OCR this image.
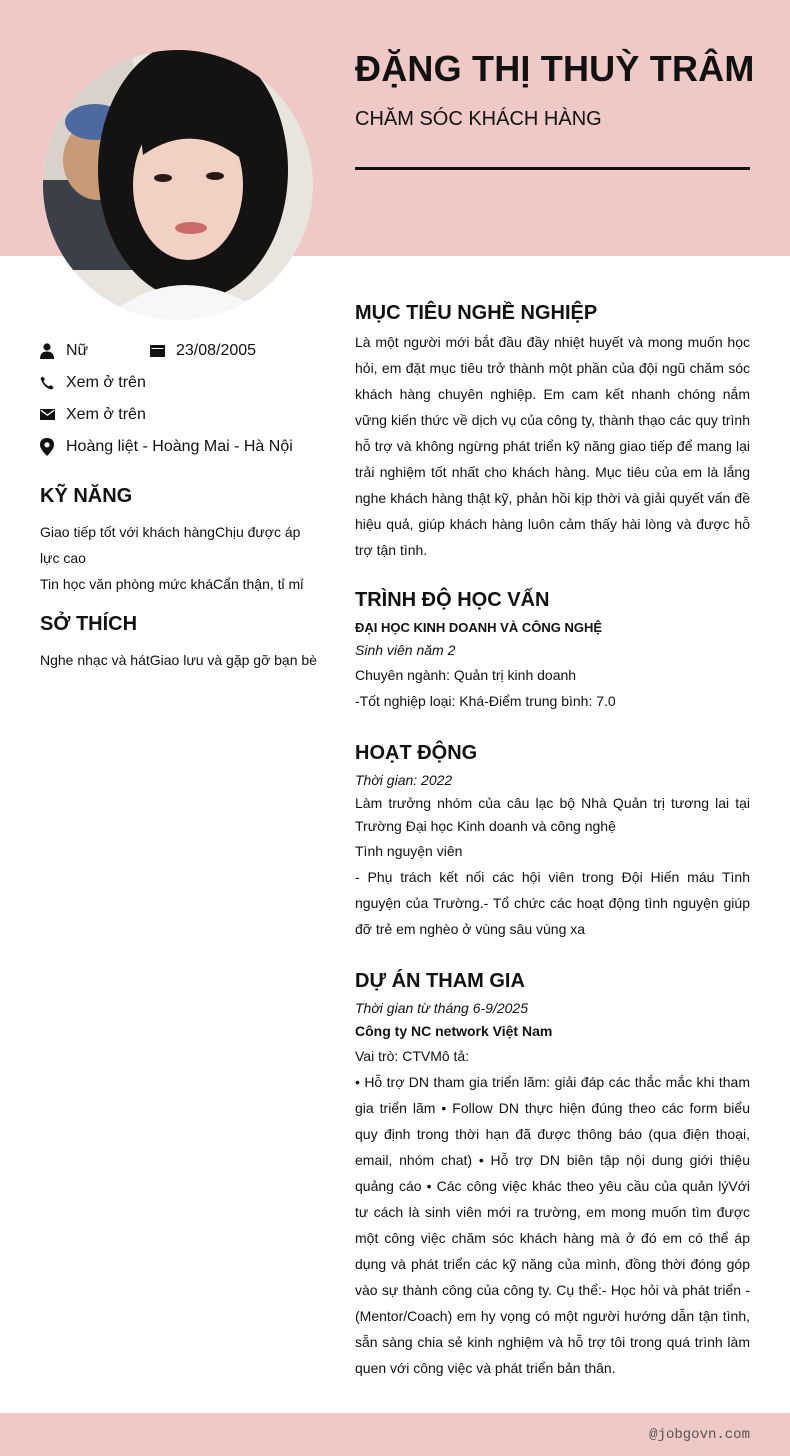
ĐẶNG THỊ THUỲ TRÂM
CHĂM SÓC KHÁCH HÀNG
Nữ	23/08/2005
Xem ở trên
Xem ở trên
Hoàng liệt - Hoàng Mai - Hà Nội
KỸ NĂNG
Giao tiếp tốt với khách hàngChịu được áp lực cao
Tin học văn phòng mức kháCẩn thận, tỉ mỉ
SỞ THÍCH
Nghe nhạc và hátGiao lưu và gặp gỡ bạn bè
MỤC TIÊU NGHỀ NGHIỆP
Là một người mới bắt đầu đầy nhiệt huyết và mong muốn học hỏi, em đặt mục tiêu trở thành một phần của đội ngũ chăm sóc khách hàng chuyên nghiệp. Em cam kết nhanh chóng nắm vững kiến thức về dịch vụ của công ty, thành thạo các quy trình hỗ trợ và không ngừng phát triển kỹ năng giao tiếp để mang lại trải nghiệm tốt nhất cho khách hàng. Mục tiêu của em là lắng nghe khách hàng thật kỹ, phản hồi kịp thời và giải quyết vấn đề hiệu quả, giúp khách hàng luôn cảm thấy hài lòng và được hỗ trợ tận tình.
TRÌNH ĐỘ HỌC VẤN
ĐẠI HỌC KINH DOANH VÀ CÔNG NGHỆ
Sinh viên năm 2
Chuyên ngành: Quản trị kinh doanh
-Tốt nghiệp loại: Khá-Điểm trung bình: 7.0
HOẠT ĐỘNG
Thời gian: 2022
Làm trưởng nhóm của câu lạc bộ Nhà Quản trị tương lai tại Trường Đại học Kinh doanh và công nghệ
Tình nguyện viên
- Phụ trách kết nối các hội viên trong Đội Hiến máu Tình nguyện của Trường.- Tổ chức các hoạt động tình nguyện giúp đỡ trẻ em nghèo ở vùng sâu vùng xa
DỰ ÁN THAM GIA
Thời gian từ tháng 6-9/2025
Công ty NC network Việt Nam
Vai trò: CTVMô tả:
• Hỗ trợ DN tham gia triển lãm: giải đáp các thắc mắc khi tham gia triển lãm • Follow DN thực hiện đúng theo các form biểu quy định trong thời hạn đã được thông báo (qua điện thoại, email, nhóm chat) • Hỗ trợ DN biên tập nội dung giới thiệu quảng cáo • Các công việc khác theo yêu cầu của quản lýVới tư cách là sinh viên mới ra trường, em mong muốn tìm được một công việc chăm sóc khách hàng mà ở đó em có thể áp dụng và phát triển các kỹ năng của mình, đồng thời đóng góp vào sự thành công của công ty. Cụ thể:- Học hỏi và phát triển - (Mentor/Coach) em hy vọng có một người hướng dẫn tận tình, sẵn sàng chia sẻ kinh nghiệm và hỗ trợ tôi trong quá trình làm quen với công việc và phát triển bản thân.
@jobgovn.com
